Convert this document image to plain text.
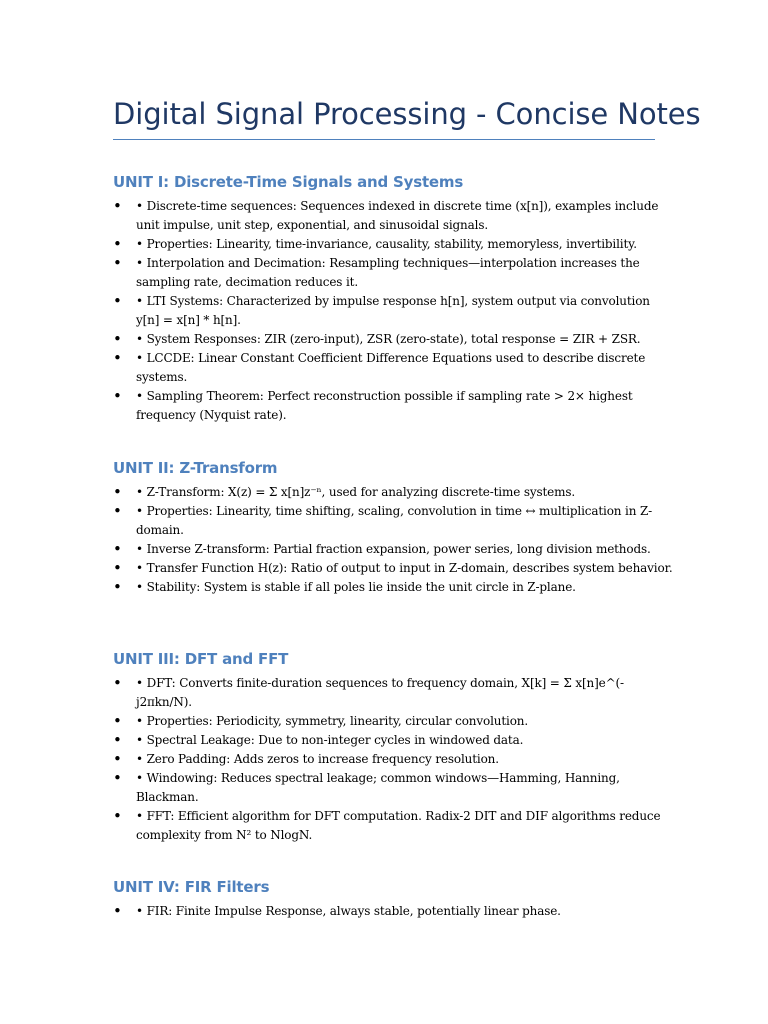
Digital Signal Processing - Concise Notes
UNIT I: Discrete-Time Signals and Systems
• • Discrete-time sequences: Sequences indexed in discrete time (x[n]), examples include unit impulse, unit step, exponential, and sinusoidal signals.
• • Properties: Linearity, time-invariance, causality, stability, memoryless, invertibility.
• • Interpolation and Decimation: Resampling techniques—interpolation increases the sampling rate, decimation reduces it.
• • LTI Systems: Characterized by impulse response h[n], system output via convolution y[n] = x[n] * h[n].
• • System Responses: ZIR (zero-input), ZSR (zero-state), total response = ZIR + ZSR.
• • LCCDE: Linear Constant Coefficient Difference Equations used to describe discrete systems.
• • Sampling Theorem: Perfect reconstruction possible if sampling rate > 2× highest frequency (Nyquist rate).
UNIT II: Z-Transform
• • Z-Transform: X(z) = Σ x[n]z⁻ⁿ, used for analyzing discrete-time systems.
• • Properties: Linearity, time shifting, scaling, convolution in time ↔ multiplication in Z-domain.
• • Inverse Z-transform: Partial fraction expansion, power series, long division methods.
• • Transfer Function H(z): Ratio of output to input in Z-domain, describes system behavior.
• • Stability: System is stable if all poles lie inside the unit circle in Z-plane.
UNIT III: DFT and FFT
• • DFT: Converts finite-duration sequences to frequency domain, X[k] = Σ x[n]e^(-j2πkn/N).
• • Properties: Periodicity, symmetry, linearity, circular convolution.
• • Spectral Leakage: Due to non-integer cycles in windowed data.
• • Zero Padding: Adds zeros to increase frequency resolution.
• • Windowing: Reduces spectral leakage; common windows—Hamming, Hanning, Blackman.
• • FFT: Efficient algorithm for DFT computation. Radix-2 DIT and DIF algorithms reduce complexity from N² to NlogN.
UNIT IV: FIR Filters
• • FIR: Finite Impulse Response, always stable, potentially linear phase.
